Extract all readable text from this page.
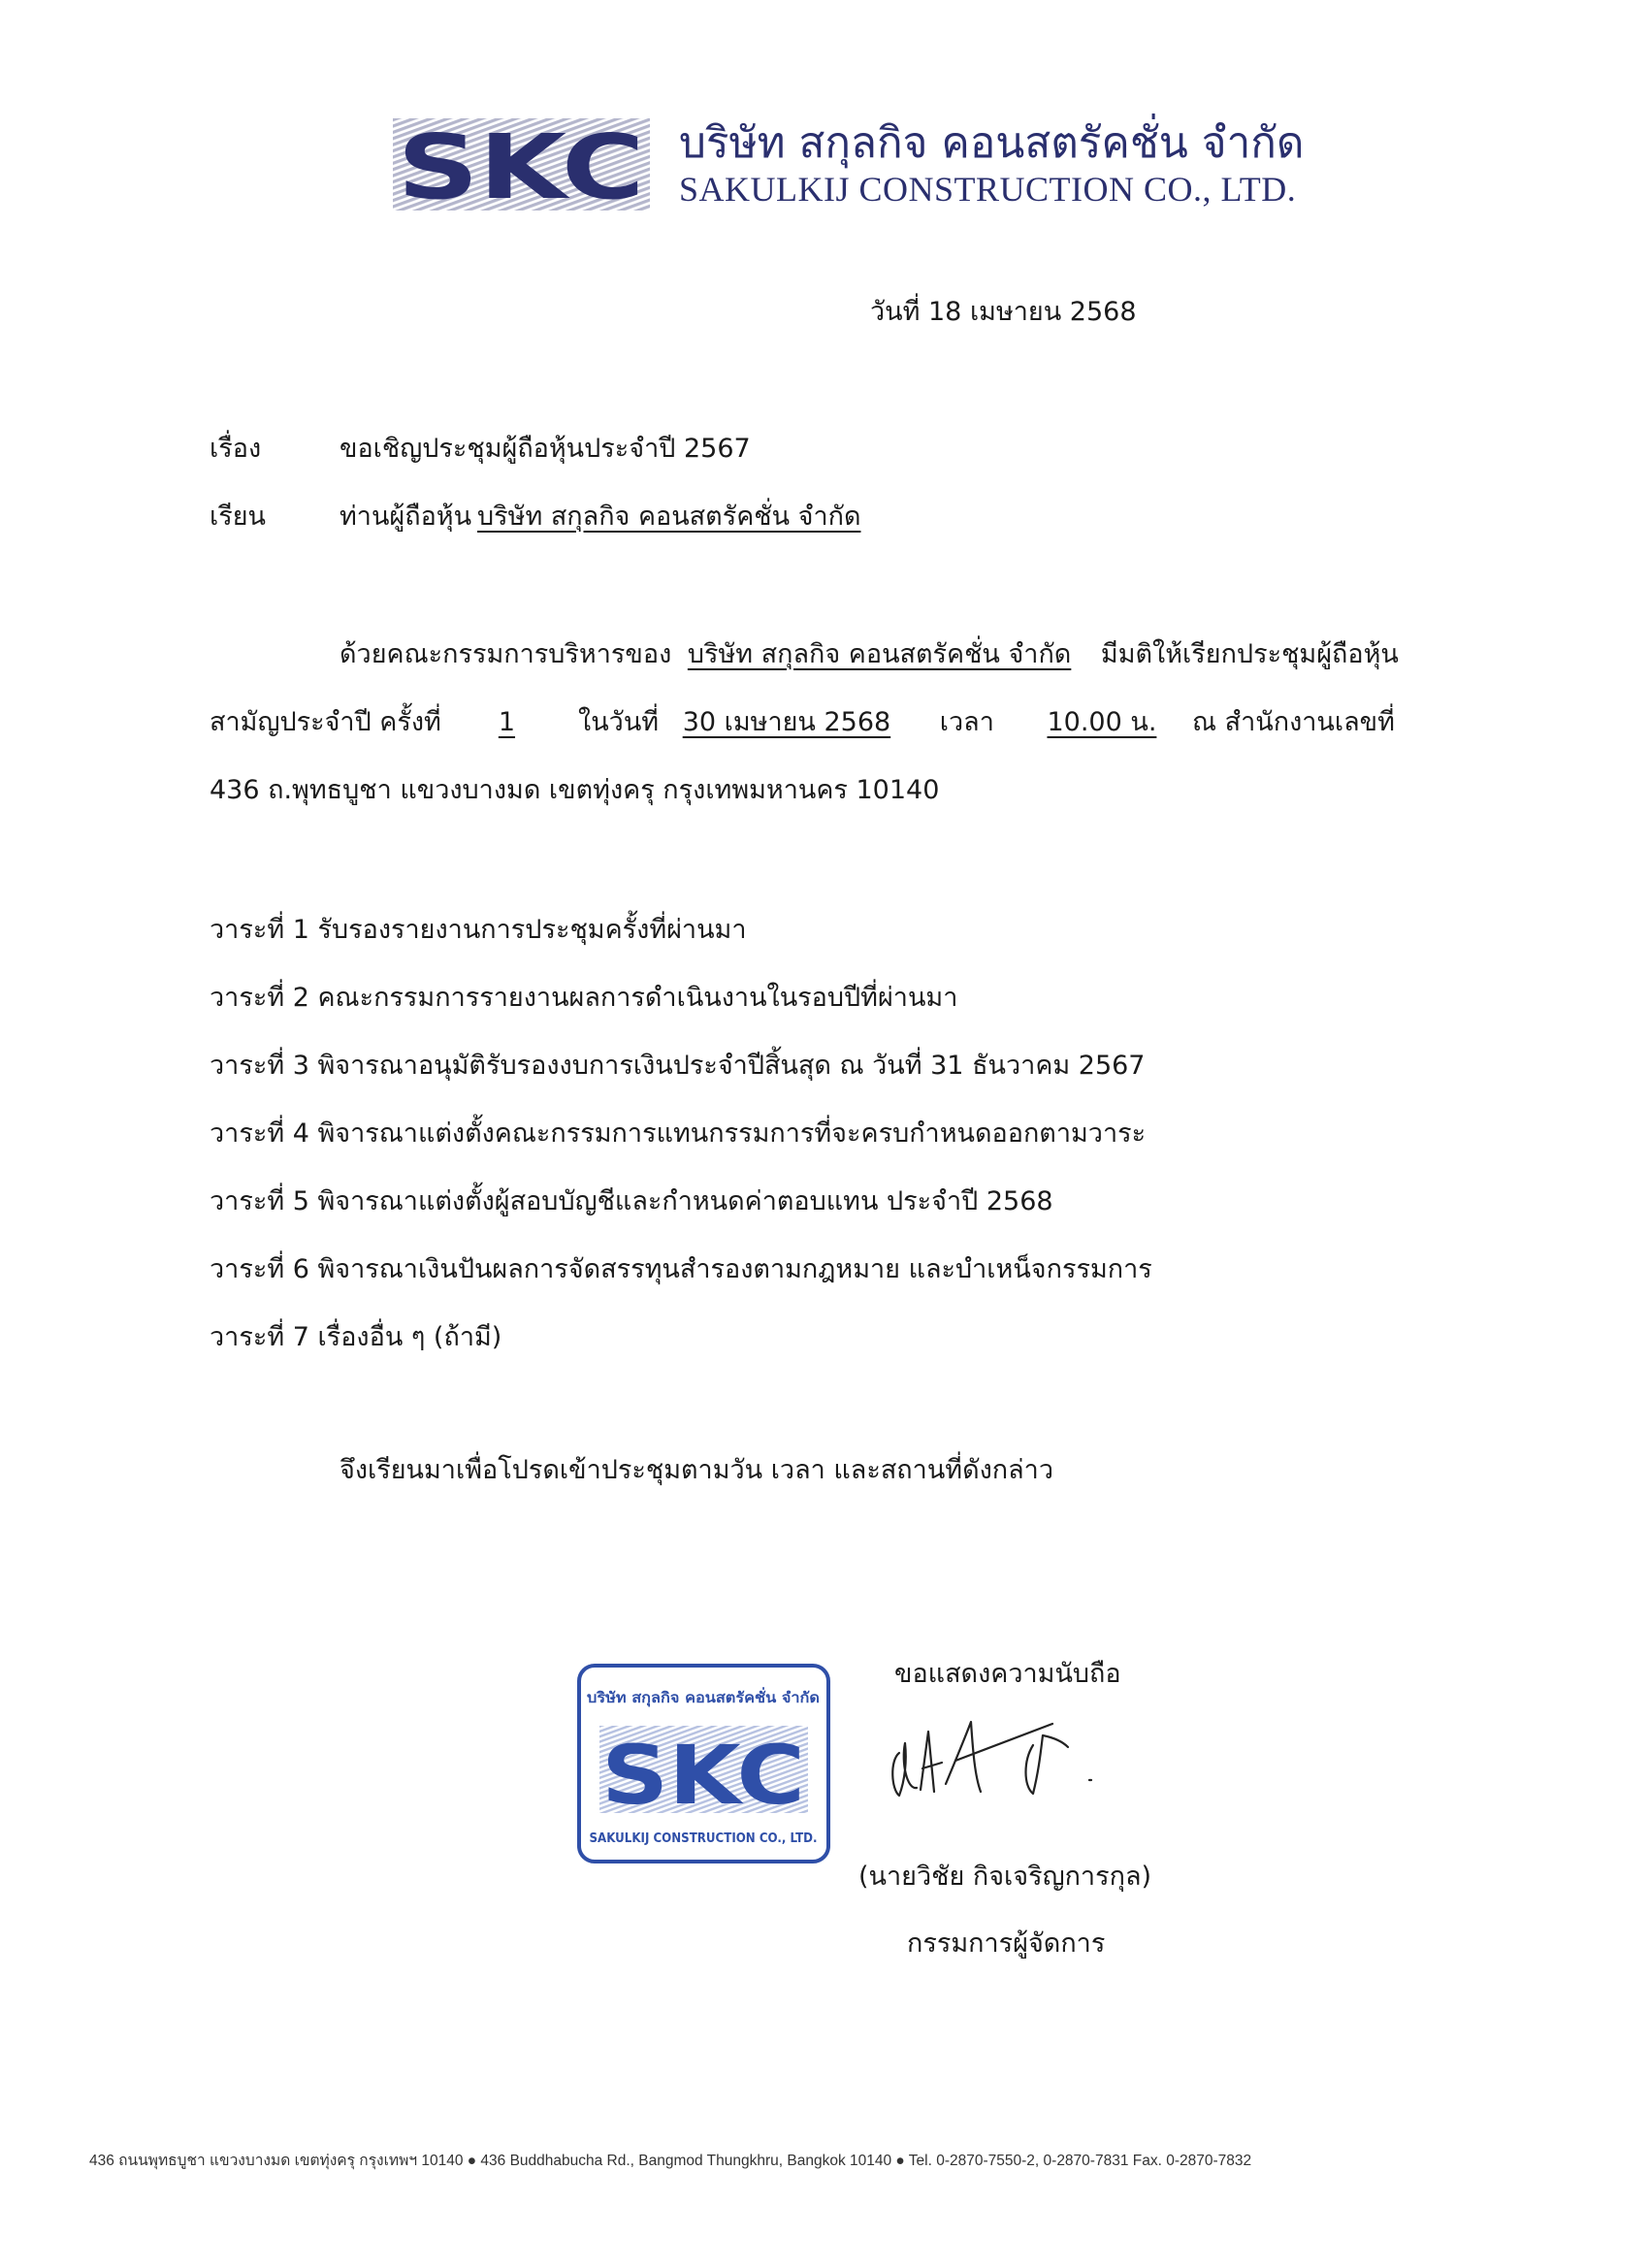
SKC บริษัท สกุลกิจ คอนสตรัคชั่น จำกัด
SAKULKIJ CONSTRUCTION CO., LTD.
วันที่ 18 เมษายน 2568
เรื่อง	ขอเชิญประชุมผู้ถือหุ้นประจำปี 2567
เรียน	ท่านผู้ถือหุ้น บริษัท สกุลกิจ คอนสตรัคชั่น จำกัด
ด้วยคณะกรรมการบริหารของ บริษัท สกุลกิจ คอนสตรัคชั่น จำกัด มีมติให้เรียกประชุมผู้ถือหุ้น
สามัญประจำปี ครั้งที่ 1 ในวันที่ 30 เมษายน 2568 เวลา 10.00 น. ณ สำนักงานเลขที่
436 ถ.พุทธบูชา แขวงบางมด เขตทุ่งครุ กรุงเทพมหานคร 10140
วาระที่ 1 รับรองรายงานการประชุมครั้งที่ผ่านมา
วาระที่ 2 คณะกรรมการรายงานผลการดำเนินงานในรอบปีที่ผ่านมา
วาระที่ 3 พิจารณาอนุมัติรับรองงบการเงินประจำปีสิ้นสุด ณ วันที่ 31 ธันวาคม 2567
วาระที่ 4 พิจารณาแต่งตั้งคณะกรรมการแทนกรรมการที่จะครบกำหนดออกตามวาระ
วาระที่ 5 พิจารณาแต่งตั้งผู้สอบบัญชีและกำหนดค่าตอบแทน ประจำปี 2568
วาระที่ 6 พิจารณาเงินปันผลการจัดสรรทุนสำรองตามกฎหมาย และบำเหน็จกรรมการ
วาระที่ 7 เรื่องอื่น ๆ (ถ้ามี)
จึงเรียนมาเพื่อโปรดเข้าประชุมตามวัน เวลา และสถานที่ดังกล่าว
บริษัท สกุลกิจ คอนสตรัคชั่น จำกัด
SKC
SAKULKIJ CONSTRUCTION CO., LTD.
ขอแสดงความนับถือ
(นายวิชัย กิจเจริญการกุล)
กรรมการผู้จัดการ
436 ถนนพุทธบูชา แขวงบางมด เขตทุ่งครุ กรุงเทพฯ 10140 ● 436 Buddhabucha Rd., Bangmod Thungkhru, Bangkok 10140 ● Tel. 0-2870-7550-2, 0-2870-7831 Fax. 0-2870-7832
